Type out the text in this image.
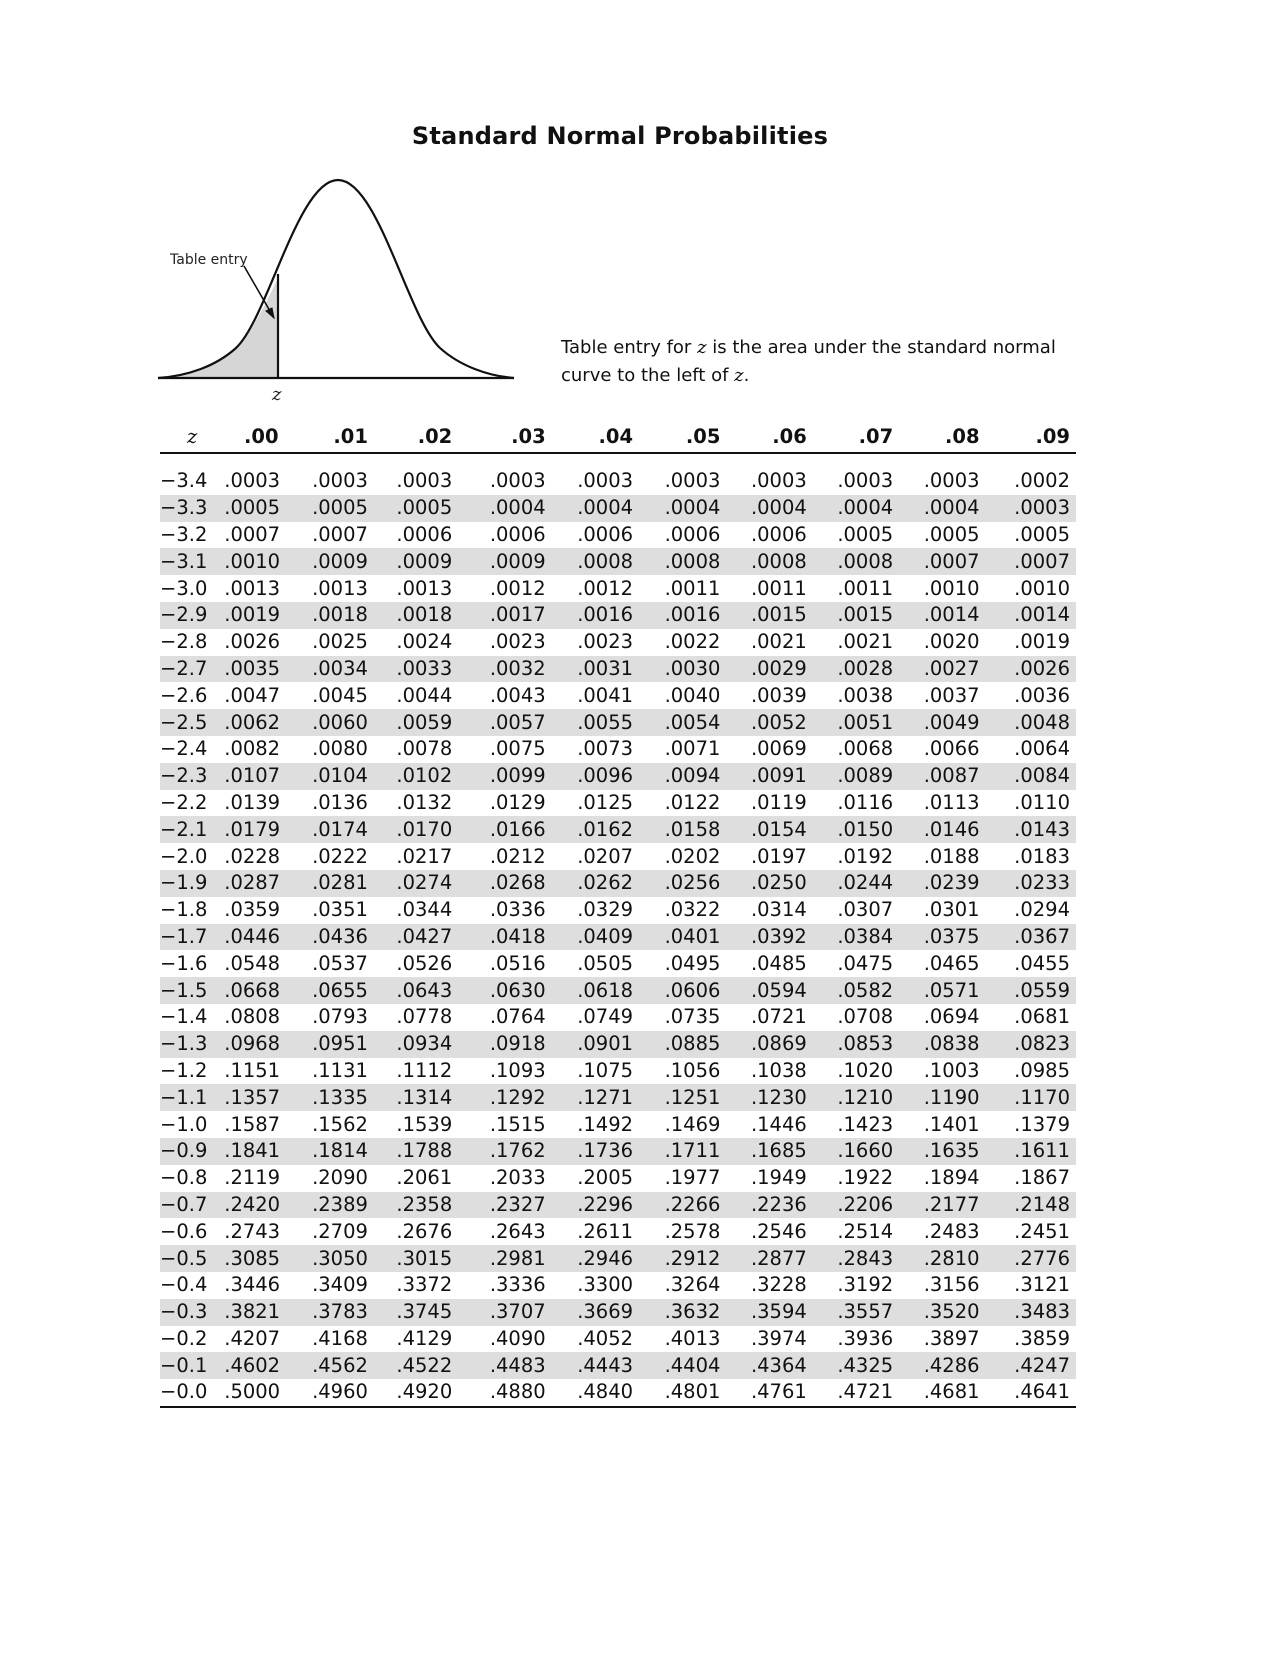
Standard Normal Probabilities
Table entry
z
Table entry for z is the area under the standard normal curve to the left of z.
z	.00	.01	.02	.03	.04	.05	.06	.07	.08	.09

−3.4	.0003	.0003	.0003	.0003	.0003	.0003	.0003	.0003	.0003	.0002
−3.3	.0005	.0005	.0005	.0004	.0004	.0004	.0004	.0004	.0004	.0003
−3.2	.0007	.0007	.0006	.0006	.0006	.0006	.0006	.0005	.0005	.0005
−3.1	.0010	.0009	.0009	.0009	.0008	.0008	.0008	.0008	.0007	.0007
−3.0	.0013	.0013	.0013	.0012	.0012	.0011	.0011	.0011	.0010	.0010
−2.9	.0019	.0018	.0018	.0017	.0016	.0016	.0015	.0015	.0014	.0014
−2.8	.0026	.0025	.0024	.0023	.0023	.0022	.0021	.0021	.0020	.0019
−2.7	.0035	.0034	.0033	.0032	.0031	.0030	.0029	.0028	.0027	.0026
−2.6	.0047	.0045	.0044	.0043	.0041	.0040	.0039	.0038	.0037	.0036
−2.5	.0062	.0060	.0059	.0057	.0055	.0054	.0052	.0051	.0049	.0048
−2.4	.0082	.0080	.0078	.0075	.0073	.0071	.0069	.0068	.0066	.0064
−2.3	.0107	.0104	.0102	.0099	.0096	.0094	.0091	.0089	.0087	.0084
−2.2	.0139	.0136	.0132	.0129	.0125	.0122	.0119	.0116	.0113	.0110
−2.1	.0179	.0174	.0170	.0166	.0162	.0158	.0154	.0150	.0146	.0143
−2.0	.0228	.0222	.0217	.0212	.0207	.0202	.0197	.0192	.0188	.0183
−1.9	.0287	.0281	.0274	.0268	.0262	.0256	.0250	.0244	.0239	.0233
−1.8	.0359	.0351	.0344	.0336	.0329	.0322	.0314	.0307	.0301	.0294
−1.7	.0446	.0436	.0427	.0418	.0409	.0401	.0392	.0384	.0375	.0367
−1.6	.0548	.0537	.0526	.0516	.0505	.0495	.0485	.0475	.0465	.0455
−1.5	.0668	.0655	.0643	.0630	.0618	.0606	.0594	.0582	.0571	.0559
−1.4	.0808	.0793	.0778	.0764	.0749	.0735	.0721	.0708	.0694	.0681
−1.3	.0968	.0951	.0934	.0918	.0901	.0885	.0869	.0853	.0838	.0823
−1.2	.1151	.1131	.1112	.1093	.1075	.1056	.1038	.1020	.1003	.0985
−1.1	.1357	.1335	.1314	.1292	.1271	.1251	.1230	.1210	.1190	.1170
−1.0	.1587	.1562	.1539	.1515	.1492	.1469	.1446	.1423	.1401	.1379
−0.9	.1841	.1814	.1788	.1762	.1736	.1711	.1685	.1660	.1635	.1611
−0.8	.2119	.2090	.2061	.2033	.2005	.1977	.1949	.1922	.1894	.1867
−0.7	.2420	.2389	.2358	.2327	.2296	.2266	.2236	.2206	.2177	.2148
−0.6	.2743	.2709	.2676	.2643	.2611	.2578	.2546	.2514	.2483	.2451
−0.5	.3085	.3050	.3015	.2981	.2946	.2912	.2877	.2843	.2810	.2776
−0.4	.3446	.3409	.3372	.3336	.3300	.3264	.3228	.3192	.3156	.3121
−0.3	.3821	.3783	.3745	.3707	.3669	.3632	.3594	.3557	.3520	.3483
−0.2	.4207	.4168	.4129	.4090	.4052	.4013	.3974	.3936	.3897	.3859
−0.1	.4602	.4562	.4522	.4483	.4443	.4404	.4364	.4325	.4286	.4247
−0.0	.5000	.4960	.4920	.4880	.4840	.4801	.4761	.4721	.4681	.4641
